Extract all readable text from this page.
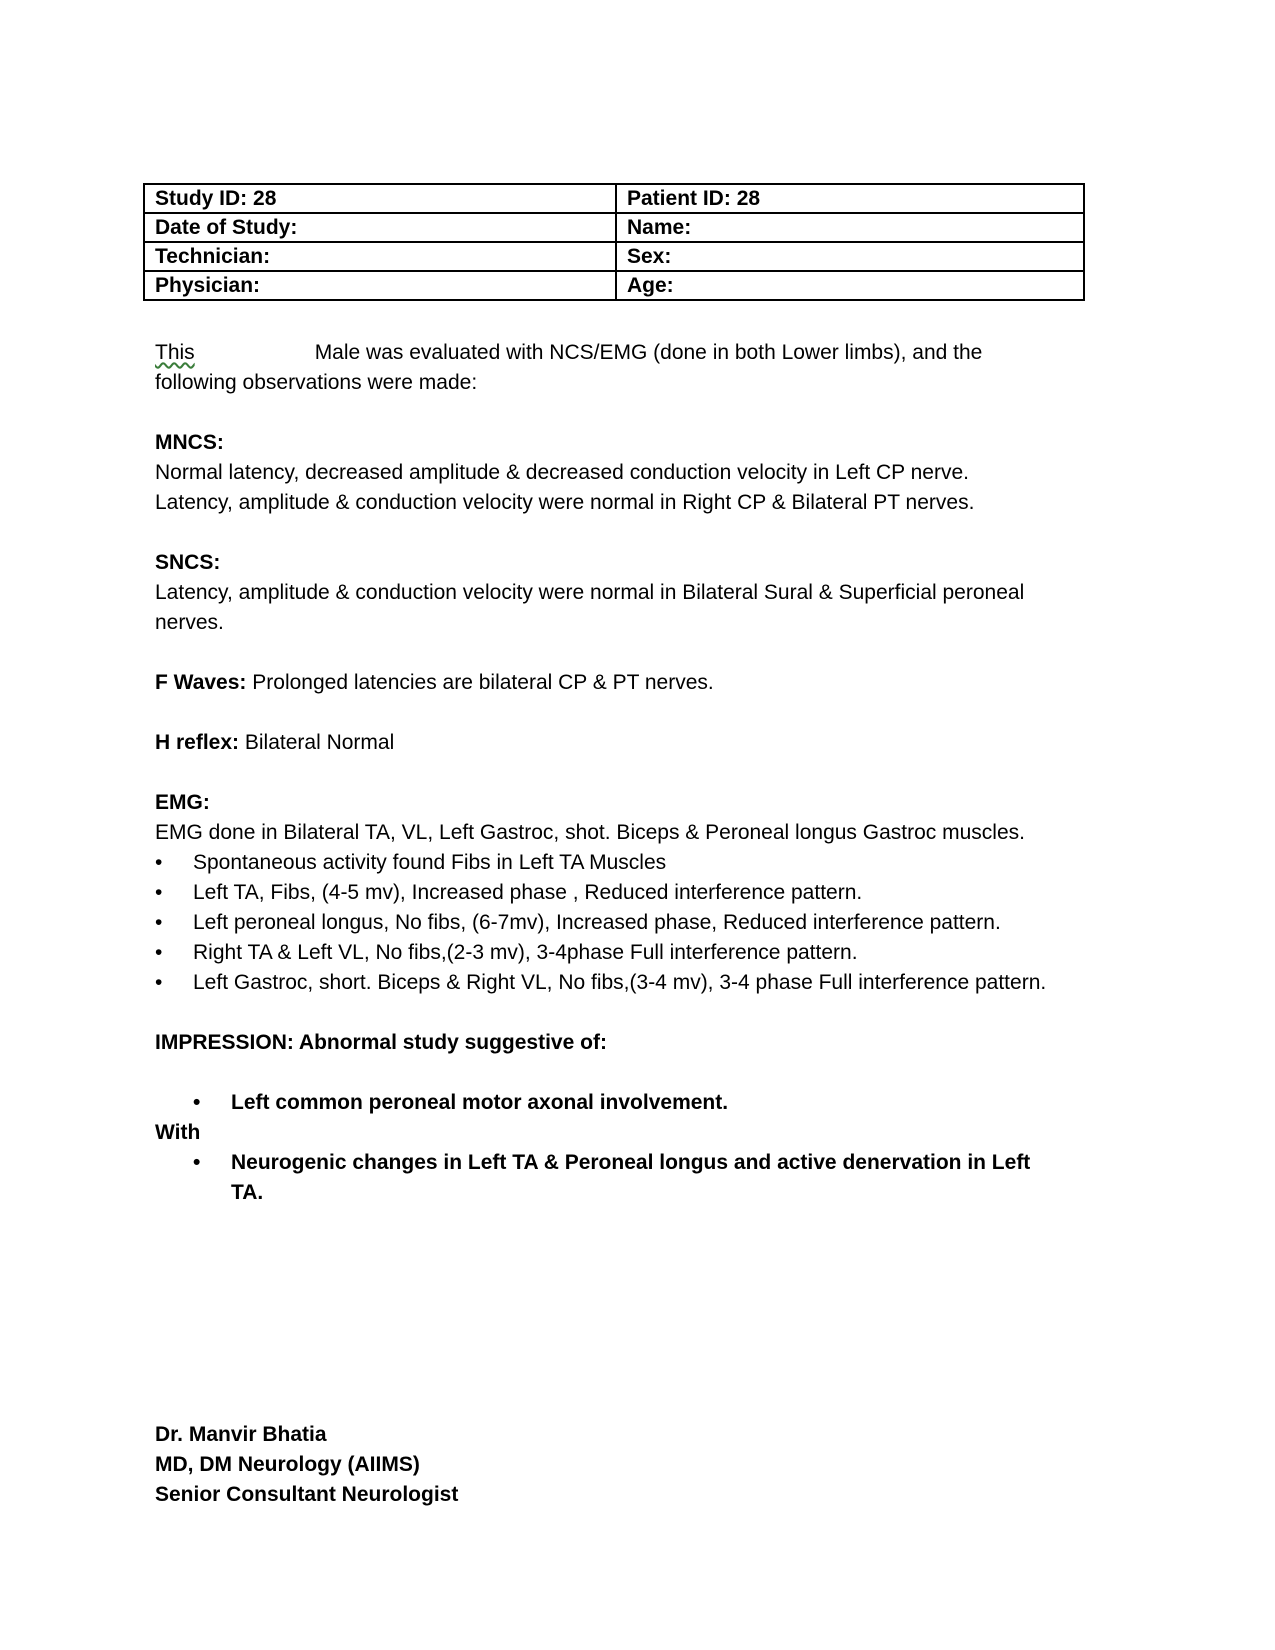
Study ID: 28	Patient ID: 28
Date of Study:	Name:
Technician:	Sex:
Physician:	Age:

This	Male was evaluated with NCS/EMG (done in both Lower limbs), and the
following observations were made:

MNCS:

Normal latency, decreased amplitude & decreased conduction velocity in Left CP nerve.

Latency, amplitude & conduction velocity were normal in Right CP & Bilateral PT nerves.

SNCS:

Latency, amplitude & conduction velocity were normal in Bilateral Sural & Superficial peroneal nerves.

F Waves: Prolonged latencies are bilateral CP & PT nerves.

H reflex: Bilateral Normal

EMG:

EMG done in Bilateral TA, VL, Left Gastroc, shot. Biceps & Peroneal longus Gastroc muscles.

• Spontaneous activity found Fibs in Left TA Muscles
• Left TA, Fibs, (4-5 mv), Increased phase , Reduced interference pattern.
• Left peroneal longus, No fibs, (6-7mv), Increased phase, Reduced interference pattern.
• Right TA & Left VL, No fibs,(2-3 mv), 3-4phase Full interference pattern.
• Left Gastroc, short. Biceps & Right VL, No fibs,(3-4 mv), 3-4 phase Full interference pattern.

IMPRESSION: Abnormal study suggestive of:

• Left common peroneal motor axonal involvement.

With

• Neurogenic changes in Left TA & Peroneal longus and active denervation in Left TA.

Dr. Manvir Bhatia

MD, DM Neurology (AIIMS)

Senior Consultant Neurologist
